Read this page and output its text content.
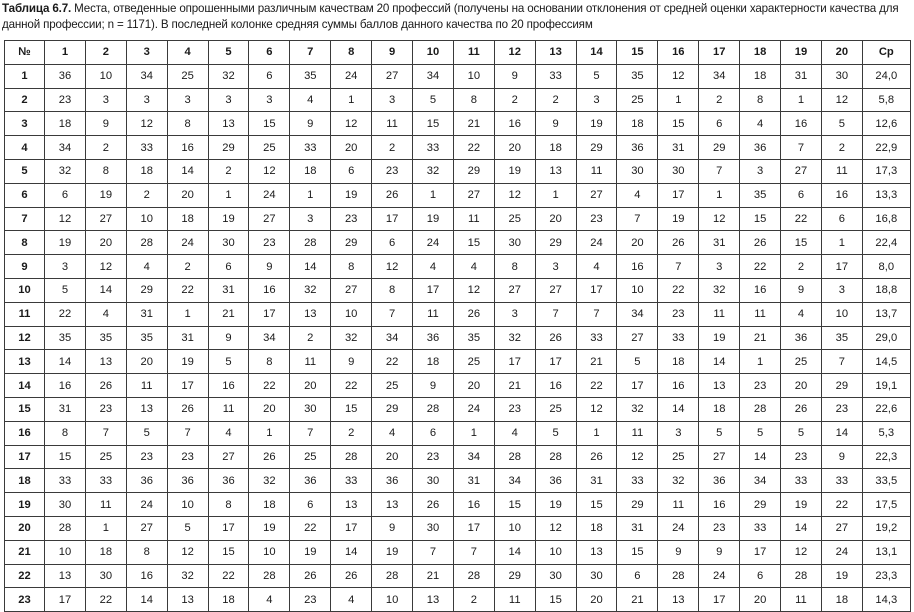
Таблица 6.7. Места, отведенные опрошенными различным качествам 20 профессий (получены на основании отклонения от средней оценки характерности качества для данной профессии; n = 1171). В последней колонке средняя суммы баллов данного качества по 20 профессиям
№	1	2	3	4	5	6	7	8	9	10	11	12	13	14	15	16	17	18	19	20	Ср
1	36	10	34	25	32	6	35	24	27	34	10	9	33	5	35	12	34	18	31	30	24,0
2	23	3	3	3	3	3	4	1	3	5	8	2	2	3	25	1	2	8	1	12	5,8
3	18	9	12	8	13	15	9	12	11	15	21	16	9	19	18	15	6	4	16	5	12,6
4	34	2	33	16	29	25	33	20	2	33	22	20	18	29	36	31	29	36	7	2	22,9
5	32	8	18	14	2	12	18	6	23	32	29	19	13	11	30	30	7	3	27	11	17,3
6	6	19	2	20	1	24	1	19	26	1	27	12	1	27	4	17	1	35	6	16	13,3
7	12	27	10	18	19	27	3	23	17	19	11	25	20	23	7	19	12	15	22	6	16,8
8	19	20	28	24	30	23	28	29	6	24	15	30	29	24	20	26	31	26	15	1	22,4
9	3	12	4	2	6	9	14	8	12	4	4	8	3	4	16	7	3	22	2	17	8,0
10	5	14	29	22	31	16	32	27	8	17	12	27	27	17	10	22	32	16	9	3	18,8
11	22	4	31	1	21	17	13	10	7	11	26	3	7	7	34	23	11	11	4	10	13,7
12	35	35	35	31	9	34	2	32	34	36	35	32	26	33	27	33	19	21	36	35	29,0
13	14	13	20	19	5	8	11	9	22	18	25	17	17	21	5	18	14	1	25	7	14,5
14	16	26	11	17	16	22	20	22	25	9	20	21	16	22	17	16	13	23	20	29	19,1
15	31	23	13	26	11	20	30	15	29	28	24	23	25	12	32	14	18	28	26	23	22,6
16	8	7	5	7	4	1	7	2	4	6	1	4	5	1	11	3	5	5	5	14	5,3
17	15	25	23	23	27	26	25	28	20	23	34	28	28	26	12	25	27	14	23	9	22,3
18	33	33	36	36	36	32	36	33	36	30	31	34	36	31	33	32	36	34	33	33	33,5
19	30	11	24	10	8	18	6	13	13	26	16	15	19	15	29	11	16	29	19	22	17,5
20	28	1	27	5	17	19	22	17	9	30	17	10	12	18	31	24	23	33	14	27	19,2
21	10	18	8	12	15	10	19	14	19	7	7	14	10	13	15	9	9	17	12	24	13,1
22	13	30	16	32	22	28	26	26	28	21	28	29	30	30	6	28	24	6	28	19	23,3
23	17	22	14	13	18	4	23	4	10	13	2	11	15	20	21	13	17	20	11	18	14,3
